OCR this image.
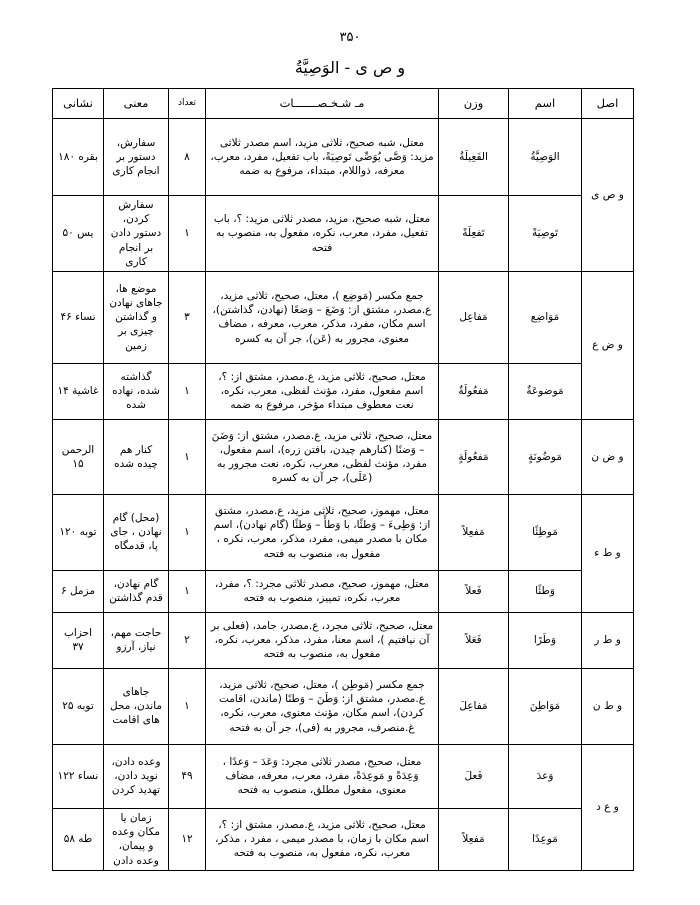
۳۵۰
و ص ی - الوَصِیَّةُ
اصل	اسم	وزن	مـ شـخـصـــــــات	تعداد	معنی	نشانی
و ص ی	الوَصِیَّةُ	الفَعِیلَةُ	معتل، شبه صحیح، ثلاثی مزید، اسم مصدر ثلاثی مزید: وَصَّی یُوَصِّی تَوصِیَةً، باب تفعیل، مفرد، معرب، معرفه، ذواللام، مبتداء، مرفوع به ضمه	۸	سفارش، دستور بر انجام کاری	بقره ۱۸۰
	تَوصِیَةً	تَفعِلَةً	معتل، شبه صحیح، مزید، مصدر ثلاثی مزید: ؟، باب تفعیل، مفرد، معرب، نکره، مفعول به، منصوب به فتحه	۱	سفارش کردن، دستور دادن بر انجام کاری	یس ۵۰
و ض ع	مَوَاضِع	مَفاعِل	جمع مکسر (مَوضِع )، معتل، صحیح، ثلاثی مزید، ع.مصدر، مشتق از: وَضَعَ – وَضعًا (نهادن، گذاشتن)، اسم مکان، مفرد، مذکر، معرب، معرفه ، مضاف معنوی، مجرور به (عَن)، جر آن به کسره	۳	موضع ها، جاهای نهادن و گذاشتن چیزی بر زمین	نساء ۴۶
	مَوضوعَةٌ	مَفعُولَةٌ	معتل، صحیح، ثلاثی مزید، ع.مصدر، مشتق از: ؟، اسم مفعول، مفرد، مؤنث لفظی، معرب، نکره، نعت معطوف مبتداء مؤخر، مرفوع به ضمه	۱	گذاشته شده، نهاده شده	غاشیة ۱۴
و ض ن	مَوضُونَةٍ	مَفعُولَةٍ	معتل، صحیح، ثلاثی مزید، ع.مصدر، مشتق از: وَضَنَ – وَضنًا (کنارهم چیدن، بافتن زره)، اسم مفعول، مفرد، مؤنث لفظی، معرب، نکره، نعت مجرور به (عَلَی)، جر آن به کسره	۱	کنار هم چیده شده	الرحمن ۱۵
و ط ء	مَوطِئًا	مَفعِلاً	معتل، مهموز، صحیح، ثلاثی مزید، ع.مصدر، مشتق از: وَطِیءَ – وَطئًا، با وَطأً – وَطئًا (گام نهادن)، اسم مکان با مصدر میمی، مفرد، مذکر، معرب، نکره ، مفعول به، منصوب به فتحه	۱	(محل) گام نهادن ، جای پا، قدمگاه	توبه ۱۲۰
	وَطئًا	فَعلاً	معتل، مهموز، صحیح، مصدر ثلاثی مجرد: ؟، مفرد، معرب، نکره، تمییز، منصوب به فتحه	۱	گام نهادن، قدم گذاشتن	مزمل ۶
و ط ر	وَطَرًا	فَعَلاً	معتل، صحیح، ثلاثی مجرد، ع.مصدر، جامد، (فعلی بر آن نیافتیم )، اسم معنا، مفرد، مذکر، معرب، نکره، مفعول به، منصوب به فتحه	۲	حاجت مهم، نیاز، آرزو	احزاب ۳۷
و ط ن	مَوَاطِنَ	مَفاعِلَ	جمع مکسر (مَوطِن )، معتل، صحیح، ثلاثی مزید، ع.مصدر، مشتق از: وَطَنَ – وَطنًا (ماندن، اقامت کردن)، اسم مکان، مؤنث معنوی، معرب، نکره، غ.منصرف، مجرور به (فی)، جر آن به فتحه	۱	جاهای ماندن، محل های اقامت	توبه ۲۵
و ع د	وَعدَ	فَعلَ	معتل، صحیح، مصدر ثلاثی مجرد: وَعَدَ – وَعدًا ، وَعِدَةً و مَوعِدَةً، مفرد، معرب، معرفه، مضاف معنوی، مفعول مطلق، منصوب به فتحه	۴۹	وعده دادن، نوید دادن، تهدید کردن	نساء ۱۲۲
	مَوعِدًا	مَفعِلاً	معتل، صحیح، ثلاثی مزید، ع.مصدر، مشتق از: ؟، اسم مکان با زمان، با مصدر میمی ، مفرد ، مذکر، معرب، نکره، مفعول به، منصوب به فتحه	۱۲	زمان یا مکان وعده و پیمان، وعده دادن	طه ۵۸
